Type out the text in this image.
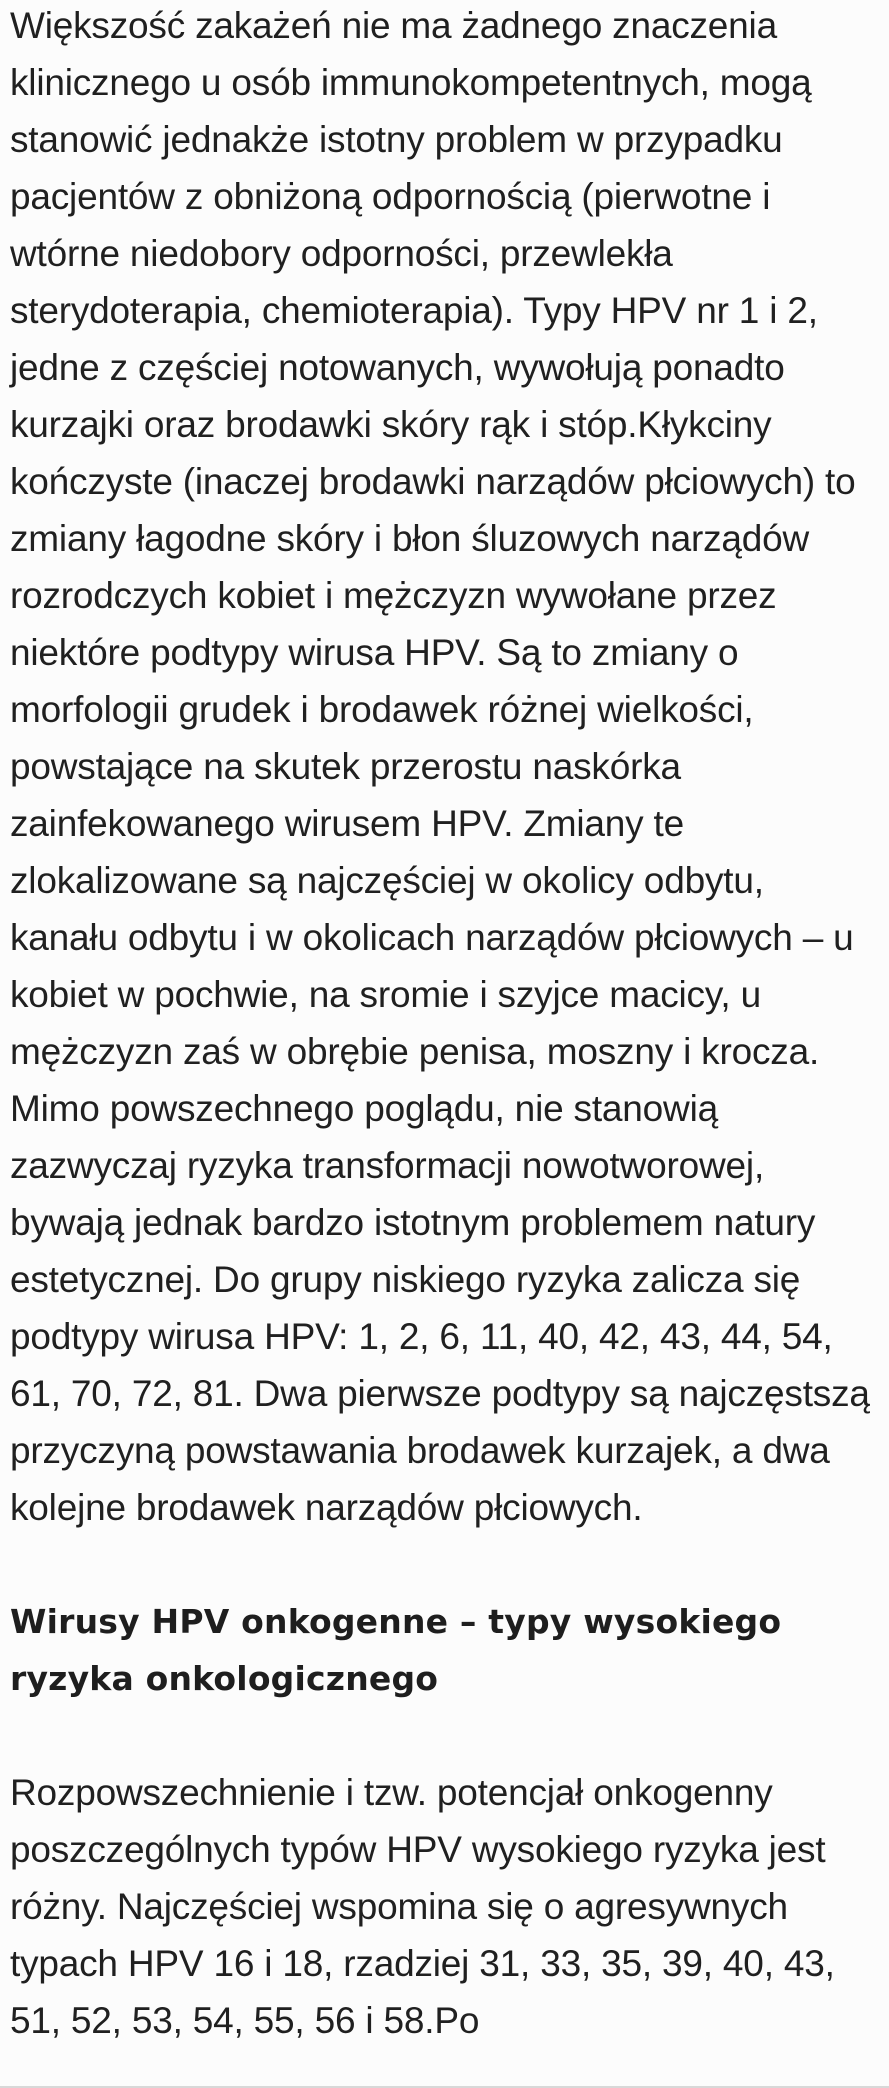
Większość zakażeń nie ma żadnego znaczenia klinicznego u osób immunokompetentnych, mogą stanowić jednakże istotny problem w przypadku pacjentów z obniżoną odpornością (pierwotne i wtórne niedobory odporności, przewlekła sterydoterapia, chemioterapia). Typy HPV nr 1 i 2, jedne z częściej notowanych, wywołują ponadto kurzajki oraz brodawki skóry rąk i stóp.Kłykciny kończyste (inaczej brodawki narządów płciowych) to zmiany łagodne skóry i błon śluzowych narządów rozrodczych kobiet i mężczyzn wywołane przez niektóre podtypy wirusa HPV. Są to zmiany o morfologii grudek i brodawek różnej wielkości, powstające na skutek przerostu naskórka zainfekowanego wirusem HPV. Zmiany te zlokalizowane są najczęściej w okolicy odbytu, kanału odbytu i w okolicach narządów płciowych – u kobiet w pochwie, na sromie i szyjce macicy, u mężczyzn zaś w obrębie penisa, moszny i krocza. Mimo powszechnego poglądu, nie stanowią zazwyczaj ryzyka transformacji nowotworowej, bywają jednak bardzo istotnym problemem natury estetycznej. Do grupy niskiego ryzyka zalicza się podtypy wirusa HPV: 1, 2, 6, 11, 40, 42, 43, 44, 54, 61, 70, 72, 81. Dwa pierwsze podtypy są najczęstszą przyczyną powstawania brodawek kurzajek, a dwa kolejne brodawek narządów płciowych.

Wirusy HPV onkogenne – typy wysokiego ryzyka onkologicznego

Rozpowszechnienie i tzw. potencjał onkogenny poszczególnych typów HPV wysokiego ryzyka jest różny. Najczęściej wspomina się o agresywnych typach HPV 16 i 18, rzadziej 31, 33, 35, 39, 40, 43, 51, 52, 53, 54, 55, 56 i 58.Po
